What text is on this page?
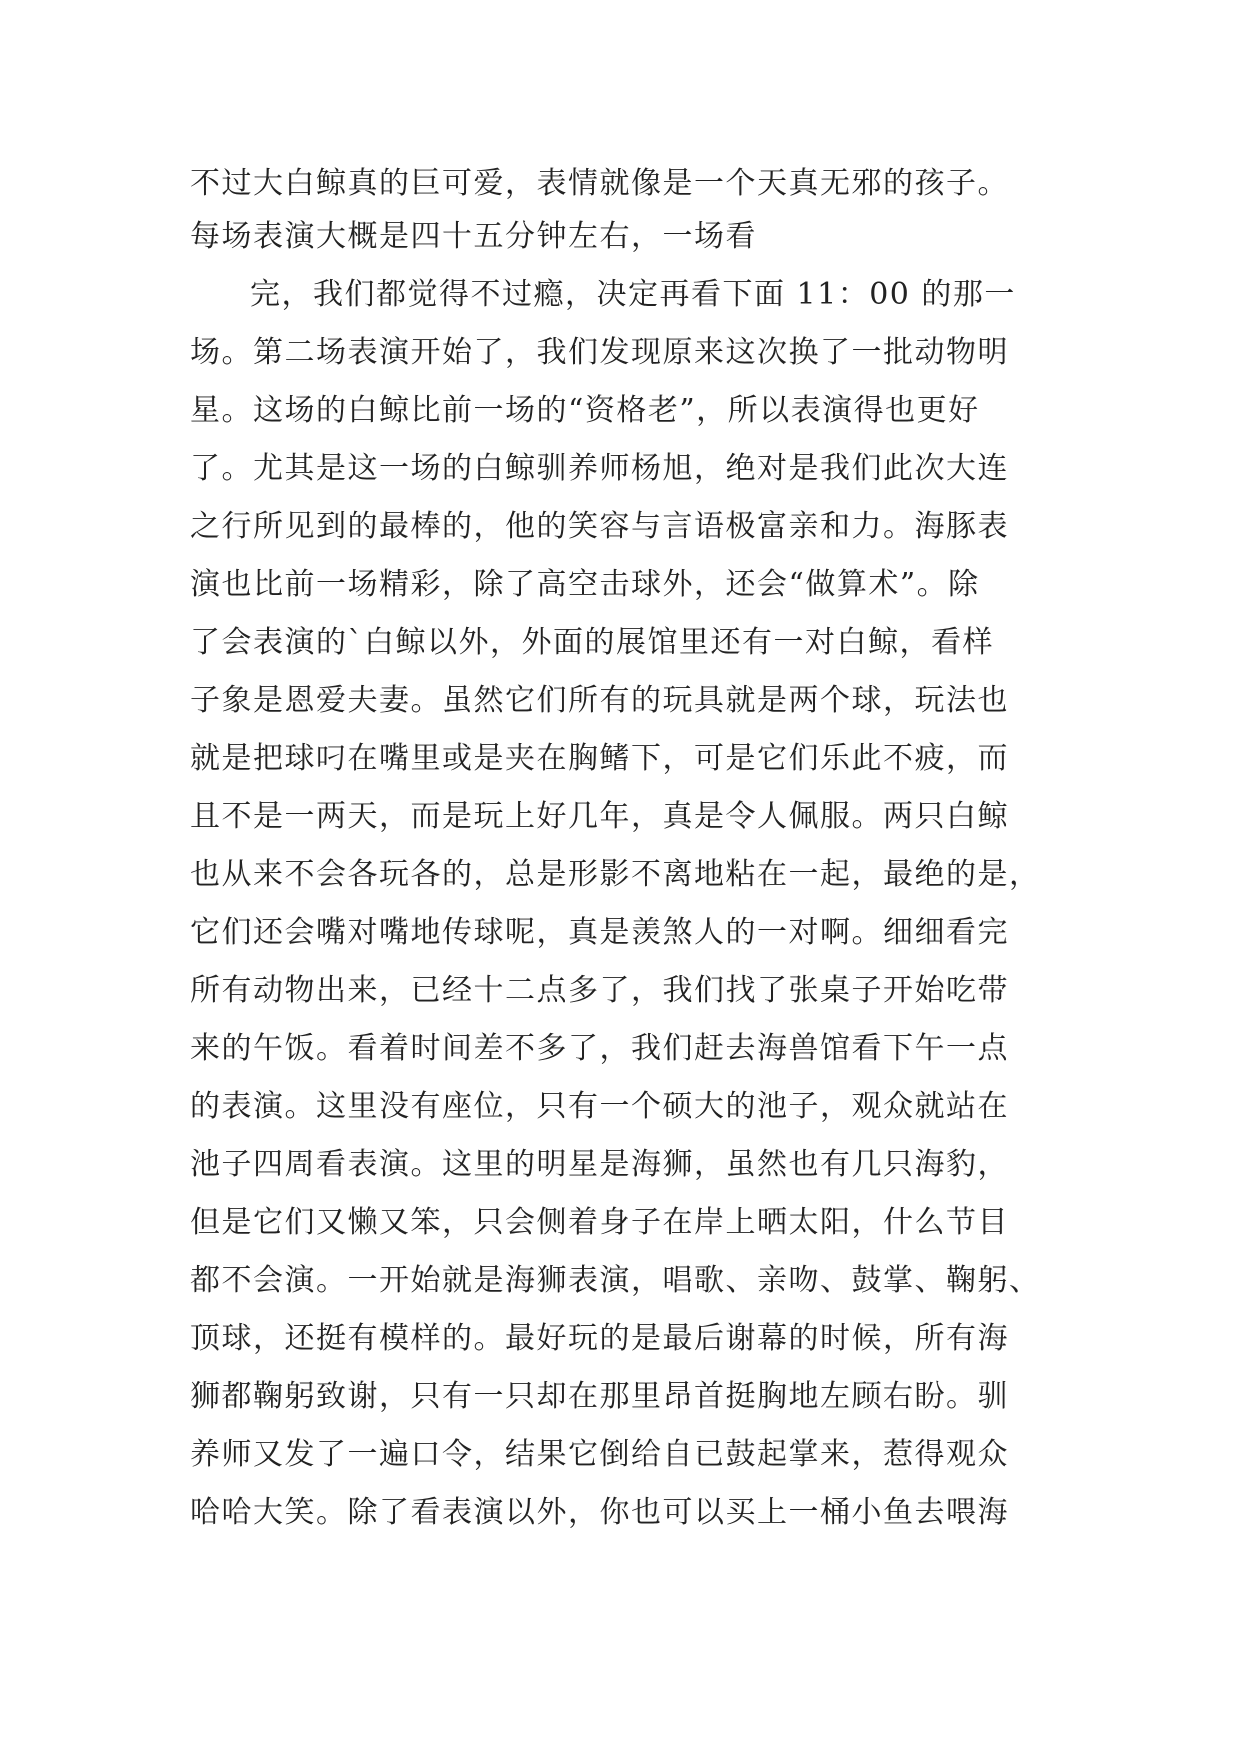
不过大白鲸真的巨可爱，表情就像是一个天真无邪的孩子。
每场表演大概是四十五分钟左右，一场看
完，我们都觉得不过瘾，决定再看下面 11：00 的那一
场。第二场表演开始了，我们发现原来这次换了一批动物明
星。这场的白鲸比前一场的“资格老”，所以表演得也更好
了。尤其是这一场的白鲸驯养师杨旭，绝对是我们此次大连
之行所见到的最棒的，他的笑容与言语极富亲和力。海豚表
演也比前一场精彩，除了高空击球外，还会“做算术”。除
了会表演的`白鲸以外，外面的展馆里还有一对白鲸，看样
子象是恩爱夫妻。虽然它们所有的玩具就是两个球，玩法也
就是把球叼在嘴里或是夹在胸鳍下，可是它们乐此不疲，而
且不是一两天，而是玩上好几年，真是令人佩服。两只白鲸
也从来不会各玩各的，总是形影不离地粘在一起，最绝的是，
它们还会嘴对嘴地传球呢，真是羡煞人的一对啊。细细看完
所有动物出来，已经十二点多了，我们找了张桌子开始吃带
来的午饭。看着时间差不多了，我们赶去海兽馆看下午一点
的表演。这里没有座位，只有一个硕大的池子，观众就站在
池子四周看表演。这里的明星是海狮，虽然也有几只海豹，
但是它们又懒又笨，只会侧着身子在岸上晒太阳，什么节目
都不会演。一开始就是海狮表演，唱歌、亲吻、鼓掌、鞠躬、
顶球，还挺有模样的。最好玩的是最后谢幕的时候，所有海
狮都鞠躬致谢，只有一只却在那里昂首挺胸地左顾右盼。驯
养师又发了一遍口令，结果它倒给自已鼓起掌来，惹得观众
哈哈大笑。除了看表演以外，你也可以买上一桶小鱼去喂海
